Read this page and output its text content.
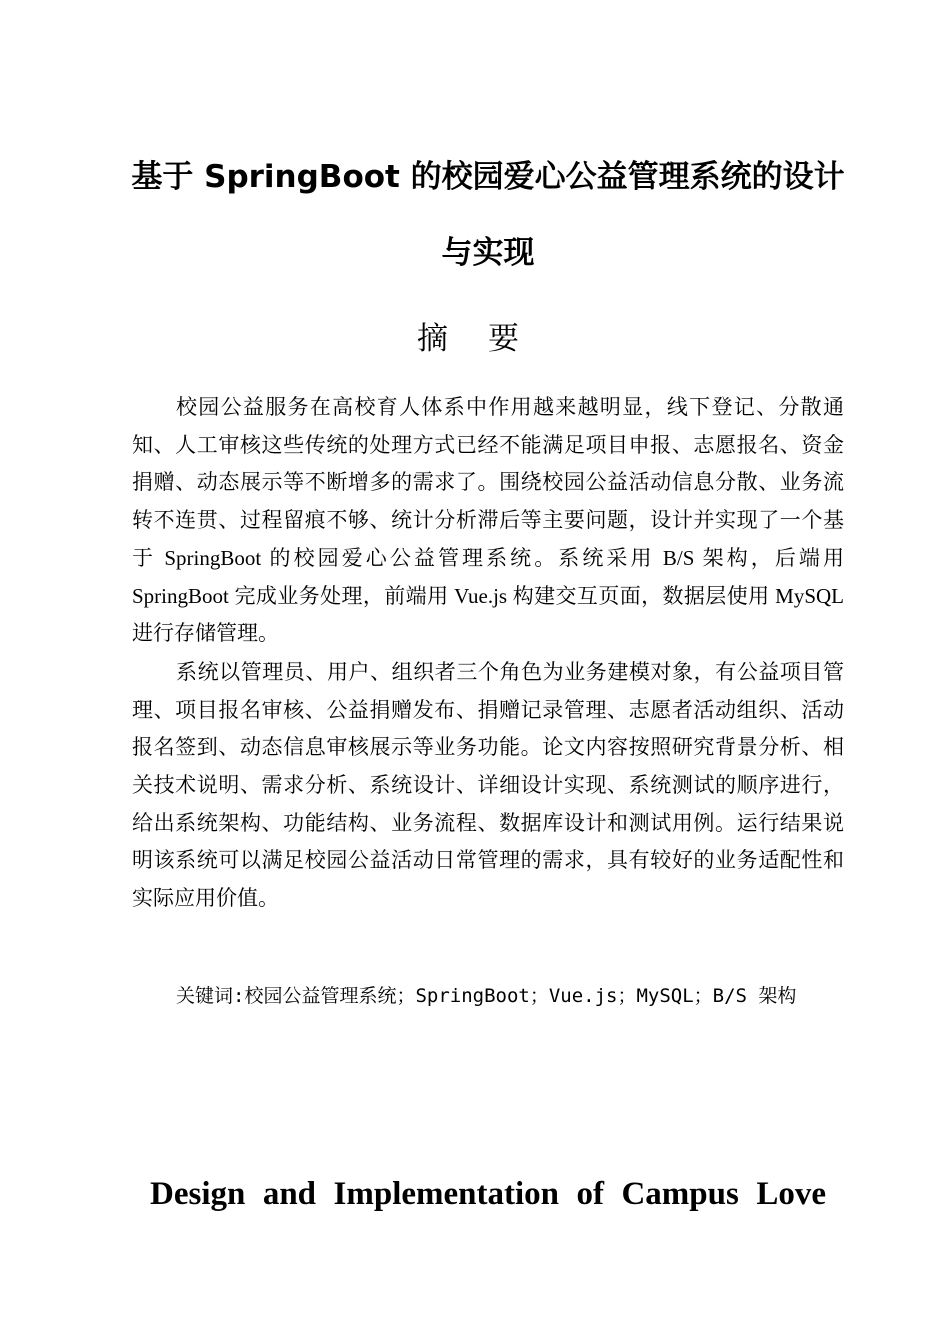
基于 SpringBoot 的校园爱心公益管理系统的设计
与实现
摘要

校园公益服务在高校育人体系中作用越来越明显，线下登记、分散通知、人工审核这些传统的处理方式已经不能满足项目申报、志愿报名、资金捐赠、动态展示等不断增多的需求了。围绕校园公益活动信息分散、业务流转不连贯、过程留痕不够、统计分析滞后等主要问题，设计并实现了一个基于 SpringBoot 的校园爱心公益管理系统。系统采用 B/S 架构，后端用 SpringBoot 完成业务处理，前端用 Vue.js 构建交互页面，数据层使用 MySQL 进行存储管理。

系统以管理员、用户、组织者三个角色为业务建模对象，有公益项目管理、项目报名审核、公益捐赠发布、捐赠记录管理、志愿者活动组织、活动报名签到、动态信息审核展示等业务功能。论文内容按照研究背景分析、相关技术说明、需求分析、系统设计、详细设计实现、系统测试的顺序进行，给出系统架构、功能结构、业务流程、数据库设计和测试用例。运行结果说明该系统可以满足校园公益活动日常管理的需求，具有较好的业务适配性和实际应用价值。

关键词:校园公益管理系统；SpringBoot；Vue.js；MySQL；B/S 架构
Design and Implementation of Campus Love
